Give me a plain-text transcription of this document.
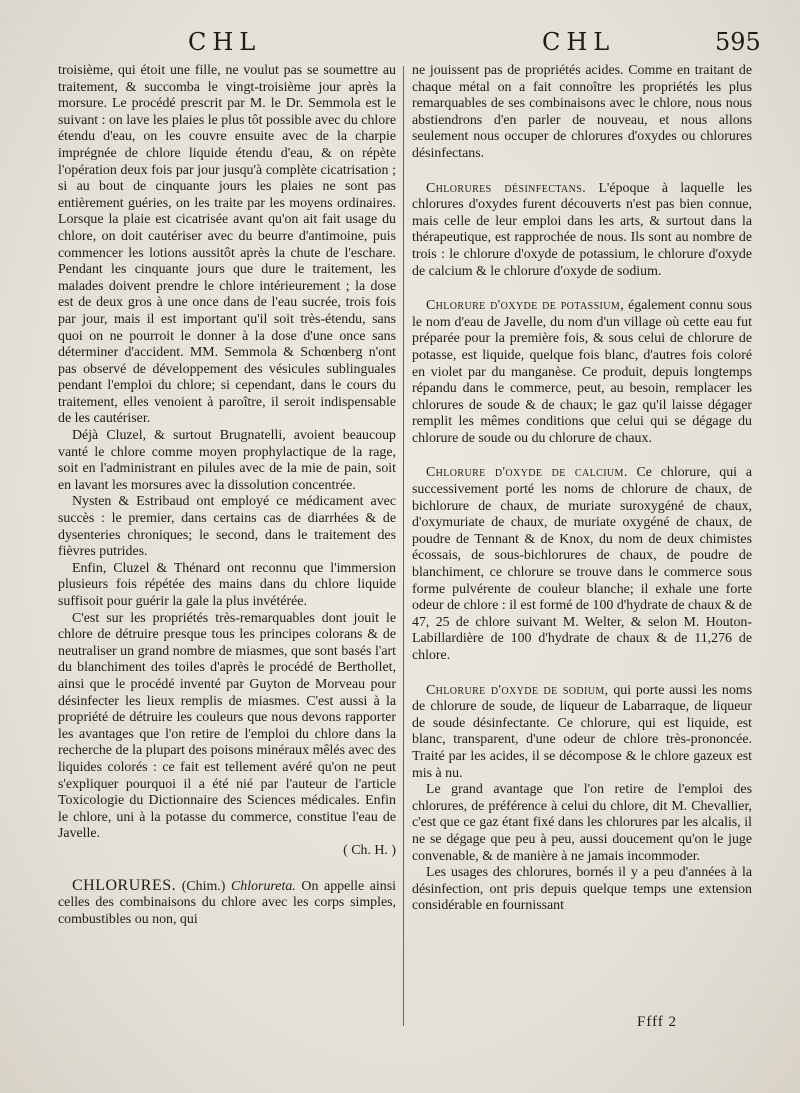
CHL	CHL	595

troisième, qui étoit une fille, ne voulut pas se soumettre au traitement, & succomba le vingt-troisième jour après la morsure. Le procédé prescrit par M. le Dr. Semmola est le suivant : on lave les plaies le plus tôt possible avec du chlore étendu d'eau, on les couvre ensuite avec de la charpie imprégnée de chlore liquide étendu d'eau, & on répète l'opération deux fois par jour jusqu'à complète cicatrisation ; si au bout de cinquante jours les plaies ne sont pas entièrement guéries, on les traite par les moyens ordinaires. Lorsque la plaie est cicatrisée avant qu'on ait fait usage du chlore, on doit cautériser avec du beurre d'antimoine, puis commencer les lotions aussitôt après la chute de l'eschare. Pendant les cinquante jours que dure le traitement, les malades doivent prendre le chlore intérieurement ; la dose est de deux gros à une once dans de l'eau sucrée, trois fois par jour, mais il est important qu'il soit très-étendu, sans quoi on ne pourroit le donner à la dose d'une once sans déterminer d'accident. MM. Semmola & Schœnberg n'ont pas observé de développement des vésicules sublinguales pendant l'emploi du chlore; si cependant, dans le cours du traitement, elles venoient à paroître, il seroit indispensable de les cautériser.

Déjà Cluzel, & surtout Brugnatelli, avoient beaucoup vanté le chlore comme moyen prophylactique de la rage, soit en l'administrant en pilules avec de la mie de pain, soit en lavant les morsures avec la dissolution concentrée.

Nysten & Estribaud ont employé ce médicament avec succès : le premier, dans certains cas de diarrhées & de dysenteries chroniques; le second, dans le traitement des fièvres putrides.

Enfin, Cluzel & Thénard ont reconnu que l'immersion plusieurs fois répétée des mains dans du chlore liquide suffisoit pour guérir la gale la plus invétérée.

C'est sur les propriétés très-remarquables dont jouit le chlore de détruire presque tous les principes colorans & de neutraliser un grand nombre de miasmes, que sont basés l'art du blanchiment des toiles d'après le procédé de Berthollet, ainsi que le procédé inventé par Guyton de Morveau pour désinfecter les lieux remplis de miasmes. C'est aussi à la propriété de détruire les couleurs que nous devons rapporter les avantages que l'on retire de l'emploi du chlore dans la recherche de la plupart des poisons minéraux mêlés avec des liquides colorés : ce fait est tellement avéré qu'on ne peut s'expliquer pourquoi il a été nié par l'auteur de l'article Toxicologie du Dictionnaire des Sciences médicales. Enfin le chlore, uni à la potasse du commerce, constitue l'eau de Javelle.

( Ch. H. )

CHLORURES. (Chim.) Chlorureta. On appelle ainsi celles des combinaisons du chlore avec les corps simples, combustibles ou non, qui

ne jouissent pas de propriétés acides. Comme en traitant de chaque métal on a fait connoître les propriétés les plus remarquables de ses combinaisons avec le chlore, nous nous abstiendrons d'en parler de nouveau, et nous allons seulement nous occuper de chlorures d'oxydes ou chlorures désinfectans.

Chlorures désinfectans. L'époque à laquelle les chlorures d'oxydes furent découverts n'est pas bien connue, mais celle de leur emploi dans les arts, & surtout dans la thérapeutique, est rapprochée de nous. Ils sont au nombre de trois : le chlorure d'oxyde de potassium, le chlorure d'oxyde de calcium & le chlorure d'oxyde de sodium.

Chlorure d'oxyde de potassium, également connu sous le nom d'eau de Javelle, du nom d'un village où cette eau fut préparée pour la première fois, & sous celui de chlorure de potasse, est liquide, quelque fois blanc, d'autres fois coloré en violet par du manganèse. Ce produit, depuis longtemps répandu dans le commerce, peut, au besoin, remplacer les chlorures de soude & de chaux; le gaz qu'il laisse dégager remplit les mêmes conditions que celui qui se dégage du chlorure de soude ou du chlorure de chaux.

Chlorure d'oxyde de calcium. Ce chlorure, qui a successivement porté les noms de chlorure de chaux, de bichlorure de chaux, de muriate suroxygéné de chaux, d'oxymuriate de chaux, de muriate oxygéné de chaux, de poudre de Tennant & de Knox, du nom de deux chimistes écossais, de sous-bichlorures de chaux, de poudre de blanchiment, ce chlorure se trouve dans le commerce sous forme pulvérente de couleur blanche; il exhale une forte odeur de chlore : il est formé de 100 d'hydrate de chaux & de 47, 25 de chlore suivant M. Welter, & selon M. Houton-Labillardière de 100 d'hydrate de chaux & de 11,276 de chlore.

Chlorure d'oxyde de sodium, qui porte aussi les noms de chlorure de soude, de liqueur de Labarraque, de liqueur de soude désinfectante. Ce chlorure, qui est liquide, est blanc, transparent, d'une odeur de chlore très-prononcée. Traité par les acides, il se décompose & le chlore gazeux est mis à nu.

Le grand avantage que l'on retire de l'emploi des chlorures, de préférence à celui du chlore, dit M. Chevallier, c'est que ce gaz étant fixé dans les chlorures par les alcalis, il ne se dégage que peu à peu, aussi doucement qu'on le juge convenable, & de manière à ne jamais incommoder.

Les usages des chlorures, bornés il y a peu d'années à la désinfection, ont pris depuis quelque temps une extension considérable en fournissant

Ffff 2
